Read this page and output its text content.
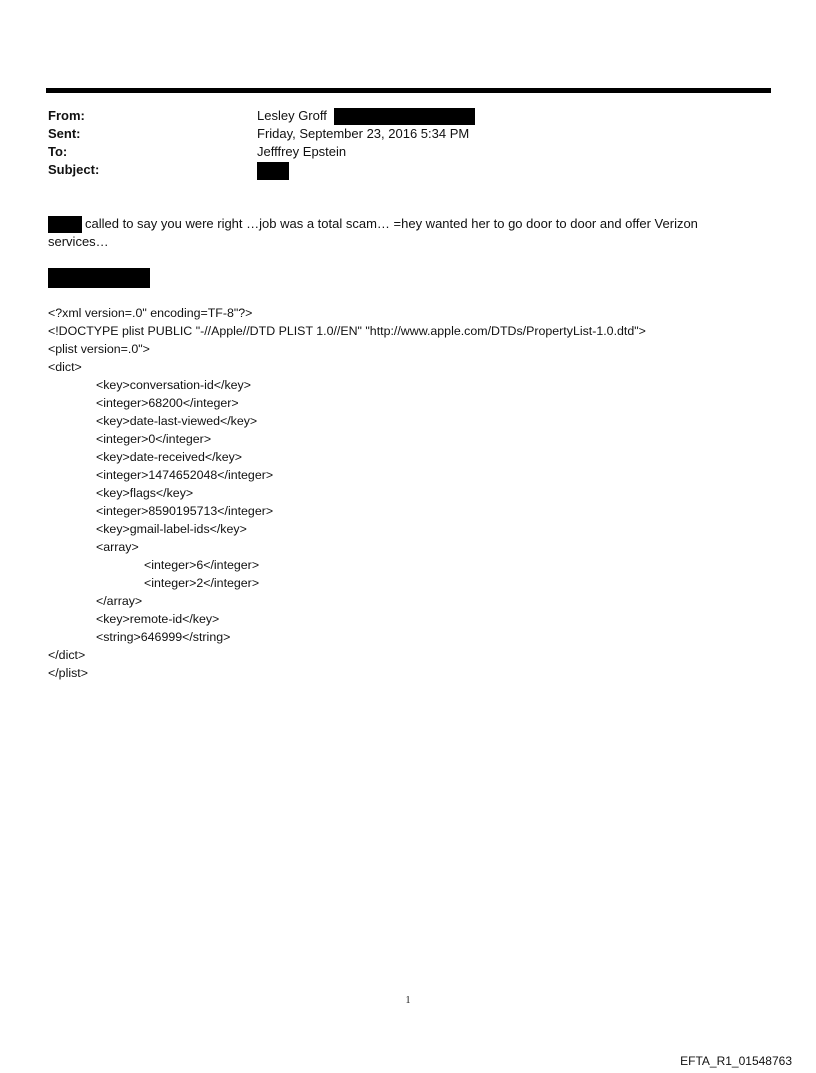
From:	Lesley Groff
Sent:	Friday, September 23, 2016 5:34 PM
To:	Jefffrey Epstein
Subject:
called to say you were right …job was a total scam… =hey wanted her to go door to door and offer Verizon
services…
<?xml version=.0" encoding=TF-8"?>
<!DOCTYPE plist PUBLIC "-//Apple//DTD PLIST 1.0//EN" "http://www.apple.com/DTDs/PropertyList-1.0.dtd">
<plist version=.0">
<dict>
<key>conversation-id</key>
<integer>68200</integer>
<key>date-last-viewed</key>
<integer>0</integer>
<key>date-received</key>
<integer>1474652048</integer>
<key>flags</key>
<integer>8590195713</integer>
<key>gmail-label-ids</key>
<array>
<integer>6</integer>
<integer>2</integer>
</array>
<key>remote-id</key>
<string>646999</string>
</dict>
</plist>
1
EFTA_R1_01548763
